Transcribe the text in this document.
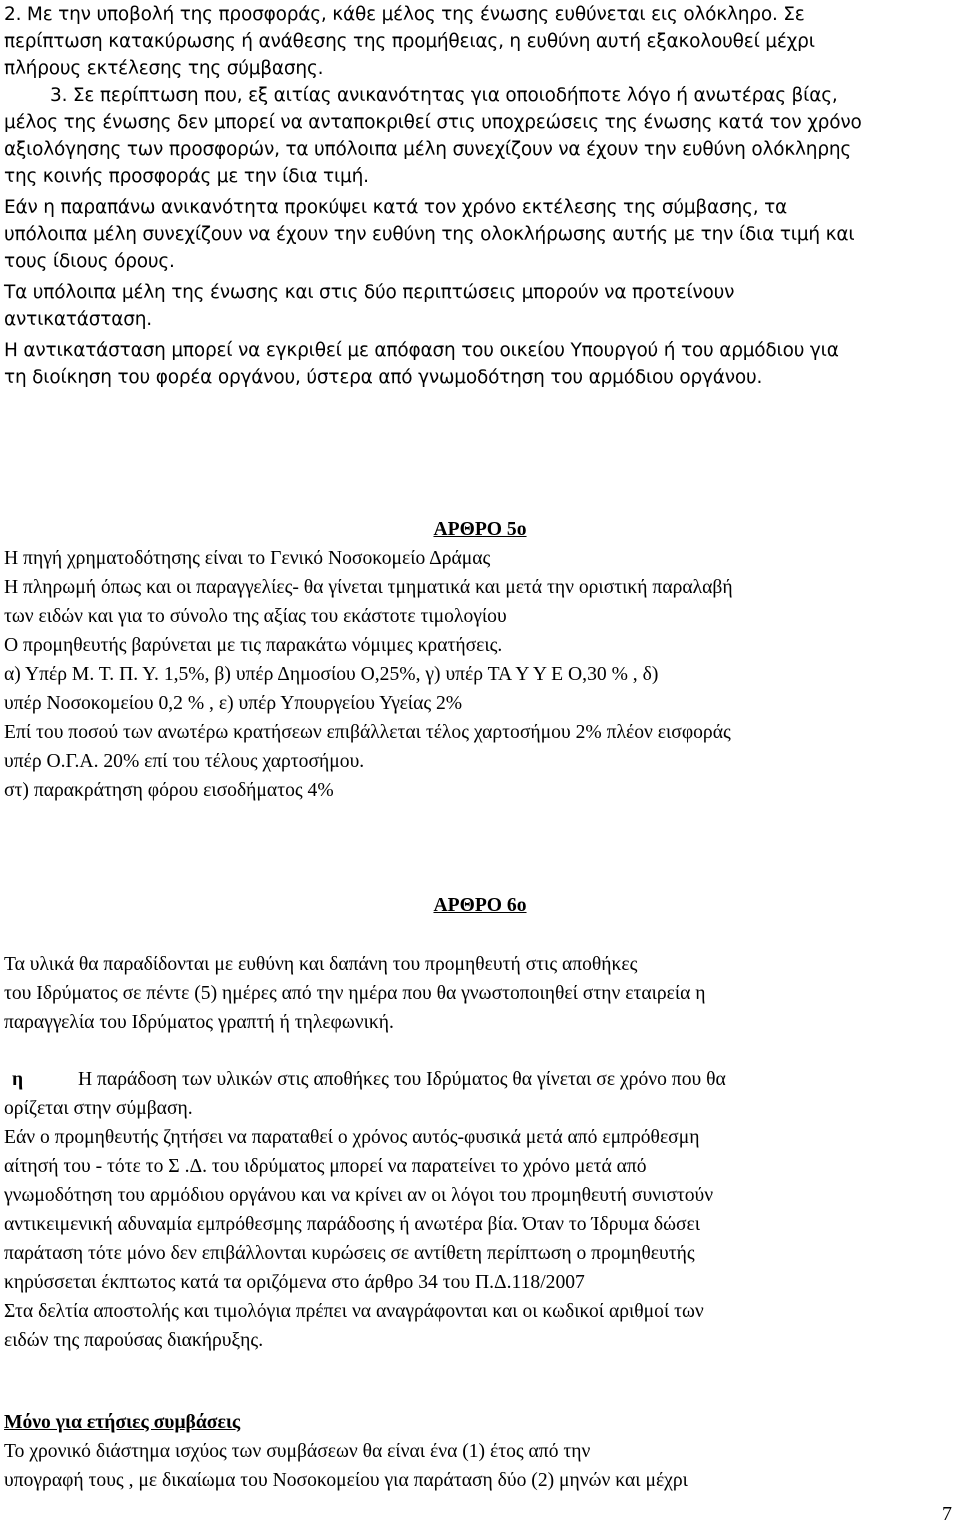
2. Με την υποβολή της προσφοράς, κάθε μέλος της ένωσης ευθύνεται εις ολόκληρο. Σε
περίπτωση κατακύρωσης ή ανάθεσης της προμήθειας, η ευθύνη αυτή εξακολουθεί μέχρι
πλήρους εκτέλεσης της σύμβασης.
3. Σε περίπτωση που, εξ αιτίας ανικανότητας για οποιοδήποτε λόγο ή ανωτέρας βίας,
μέλος της ένωσης δεν μπορεί να ανταποκριθεί στις υποχρεώσεις της ένωσης κατά τον χρόνο
αξιολόγησης των προσφορών, τα υπόλοιπα μέλη συνεχίζουν να έχουν την ευθύνη ολόκληρης
της κοινής προσφοράς με την ίδια τιμή.
Εάν η παραπάνω ανικανότητα προκύψει κατά τον χρόνο εκτέλεσης της σύμβασης, τα
υπόλοιπα μέλη συνεχίζουν να έχουν την ευθύνη της ολοκλήρωσης αυτής με την ίδια τιμή και
τους ίδιους όρους.
Τα υπόλοιπα μέλη της ένωσης και στις δύο περιπτώσεις μπορούν να προτείνουν
αντικατάσταση.
Η αντικατάσταση μπορεί να εγκριθεί με απόφαση του οικείου Υπουργού ή του αρμόδιου για
τη διοίκηση του φορέα οργάνου, ύστερα από γνωμοδότηση του αρμόδιου οργάνου.
ΑΡΘΡΟ 5ο
Η πηγή χρηματοδότησης είναι το Γενικό Νοσοκομείο Δράμας
Η πληρωμή όπως και οι παραγγελίες- θα γίνεται τμηματικά και μετά την οριστική παραλαβή
των ειδών και για το σύνολο της αξίας του εκάστοτε τιμολογίου
Ο προμηθευτής βαρύνεται με τις παρακάτω νόμιμες κρατήσεις.
α) Υπέρ Μ. Τ. Π. Υ. 1,5%, β) υπέρ Δημοσίου Ο,25%, γ) υπέρ ΤΑ Υ Υ Ε Ο,30 % , δ)
υπέρ Νοσοκομείου 0,2 % , ε) υπέρ Υπουργείου Υγείας 2%
Επί του ποσού των ανωτέρω κρατήσεων επιβάλλεται τέλος χαρτοσήμου 2% πλέον εισφοράς
υπέρ Ο.Γ.Α. 20% επί του τέλους χαρτοσήμου.
στ) παρακράτηση φόρου εισοδήματος 4%
ΑΡΘΡΟ 6ο
Τα υλικά θα παραδίδονται με ευθύνη και δαπάνη του προμηθευτή στις αποθήκες
του Ιδρύματος σε πέντε (5) ημέρες από την ημέρα που θα γνωστοποιηθεί στην εταιρεία η
παραγγελία του Ιδρύματος γραπτή ή τηλεφωνική.
η	Η παράδοση των υλικών στις αποθήκες του Ιδρύματος θα γίνεται σε χρόνο που θα
ορίζεται στην σύμβαση.
Εάν ο προμηθευτής ζητήσει να παραταθεί ο χρόνος αυτός-φυσικά μετά από εμπρόθεσμη
αίτησή του - τότε το Σ .Δ. του ιδρύματος μπορεί να παρατείνει το χρόνο μετά από
γνωμοδότηση του αρμόδιου οργάνου και να κρίνει αν οι λόγοι του προμηθευτή συνιστούν
αντικειμενική αδυναμία εμπρόθεσμης παράδοσης ή ανωτέρα βία. Όταν το Ίδρυμα δώσει
παράταση τότε μόνο δεν επιβάλλονται κυρώσεις σε αντίθετη περίπτωση ο προμηθευτής
κηρύσσεται έκπτωτος κατά τα οριζόμενα στο άρθρο 34 του Π.Δ.118/2007
Στα δελτία αποστολής και τιμολόγια πρέπει να αναγράφονται και οι κωδικοί αριθμοί των
ειδών της παρούσας διακήρυξης.
Μόνο για ετήσιες συμβάσεις
Το χρονικό διάστημα ισχύος των συμβάσεων θα είναι ένα (1) έτος από την
υπογραφή τους , με δικαίωμα του Νοσοκομείου για παράταση δύο (2) μηνών και μέχρι
7
